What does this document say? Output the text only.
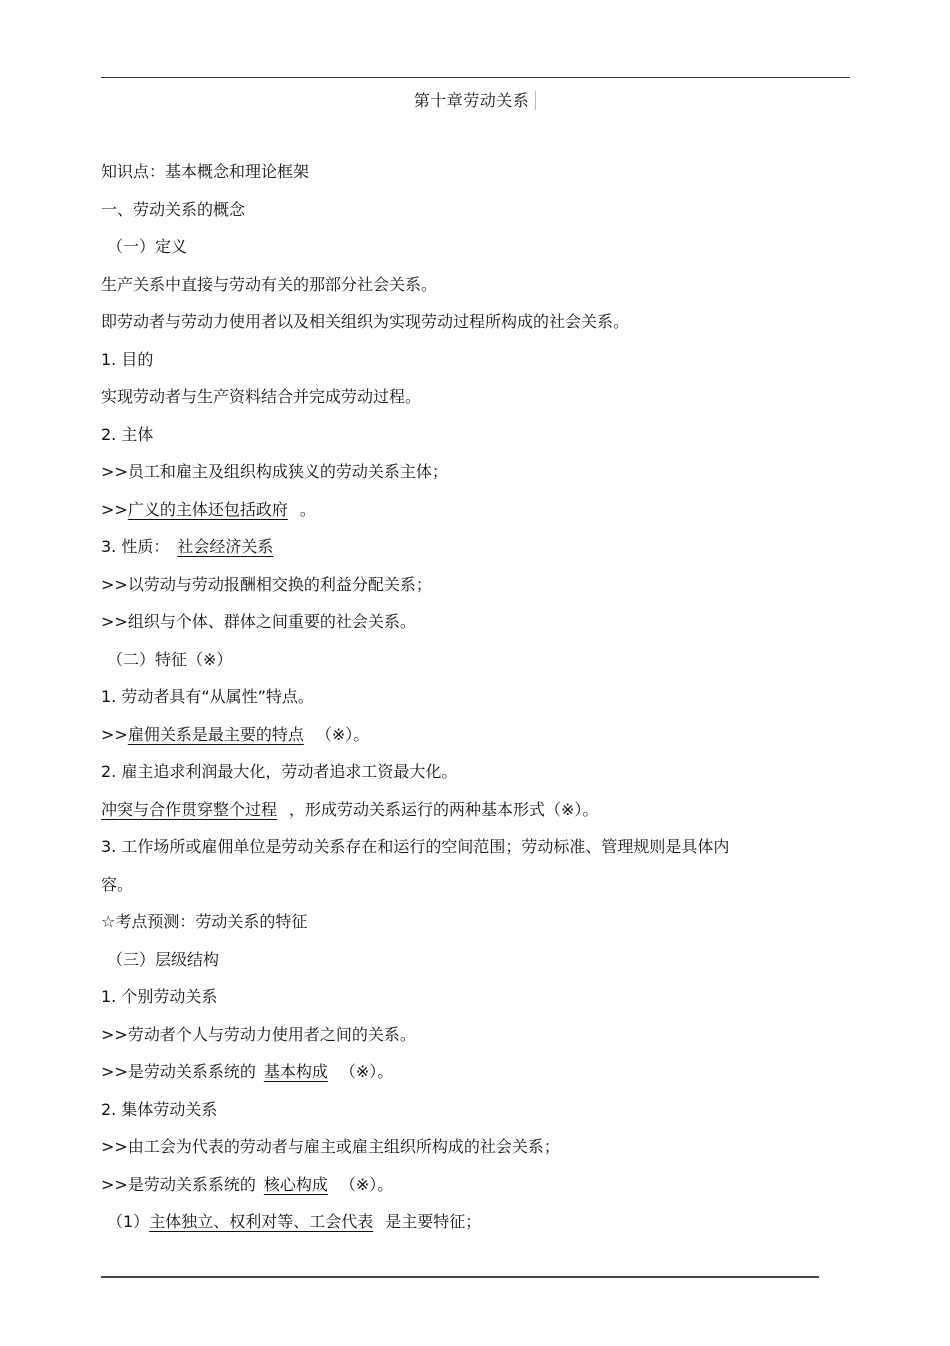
第十章劳动关系
知识点：基本概念和理论框架
一、劳动关系的概念
（一）定义
生产关系中直接与劳动有关的那部分社会关系。
即劳动者与劳动力使用者以及相关组织为实现劳动过程所构成的社会关系。
1. 目的
实现劳动者与生产资料结合并完成劳动过程。
2. 主体
>>员工和雇主及组织构成狭义的劳动关系主体；
>>广义的主体还包括政府 。
3. 性质： 社会经济关系
>>以劳动与劳动报酬相交换的利益分配关系；
>>组织与个体、群体之间重要的社会关系。
（二）特征（※）
1. 劳动者具有“从属性”特点。
>>雇佣关系是最主要的特点 （※）。
2. 雇主追求利润最大化，劳动者追求工资最大化。
冲突与合作贯穿整个过程 ，形成劳动关系运行的两种基本形式（※）。
3. 工作场所或雇佣单位是劳动关系存在和运行的空间范围；劳动标准、管理规则是具体内
容。
☆考点预测：劳动关系的特征
（三）层级结构
1. 个别劳动关系
>>劳动者个人与劳动力使用者之间的关系。
>>是劳动关系系统的 基本构成 （※）。
2. 集体劳动关系
>>由工会为代表的劳动者与雇主或雇主组织所构成的社会关系；
>>是劳动关系系统的 核心构成 （※）。
（1）主体独立、权利对等、工会代表 是主要特征；
